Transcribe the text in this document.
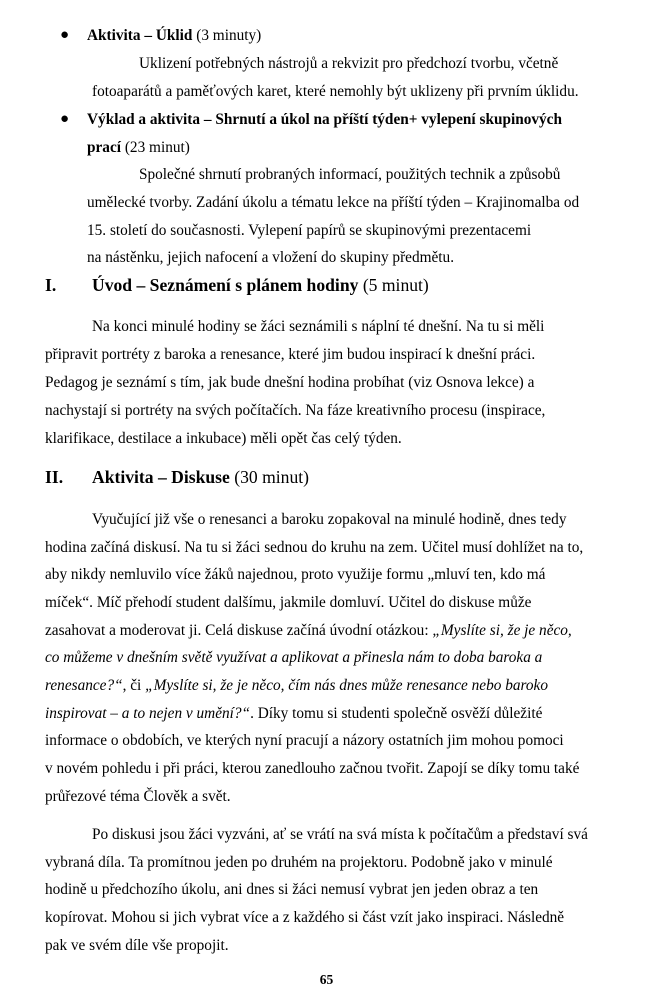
● Aktivita – Úklid (3 minuty)
Uklizení potřebných nástrojů a rekvizit pro předchozí tvorbu, včetně
fotoaparátů a paměťových karet, které nemohly být uklizeny při prvním úklidu.
● Výklad a aktivita – Shrnutí a úkol na příští týden+ vylepení skupinových
prací (23 minut)
Společné shrnutí probraných informací, použitých technik a způsobů
umělecké tvorby. Zadání úkolu a tématu lekce na příští týden – Krajinomalba od
15. století do současnosti. Vylepení papírů se skupinovými prezentacemi
na nástěnku, jejich nafocení a vložení do skupiny předmětu.
I. Úvod – Seznámení s plánem hodiny (5 minut)
Na konci minulé hodiny se žáci seznámili s náplní té dnešní. Na tu si měli
připravit portréty z baroka a renesance, které jim budou inspirací k dnešní práci.
Pedagog je seznámí s tím, jak bude dnešní hodina probíhat (viz Osnova lekce) a
nachystají si portréty na svých počítačích. Na fáze kreativního procesu (inspirace,
klarifikace, destilace a inkubace) měli opět čas celý týden.
II. Aktivita – Diskuse (30 minut)
Vyučující již vše o renesanci a baroku zopakoval na minulé hodině, dnes tedy
hodina začíná diskusí. Na tu si žáci sednou do kruhu na zem. Učitel musí dohlížet na to,
aby nikdy nemluvilo více žáků najednou, proto využije formu „mluví ten, kdo má
míček“. Míč přehodí student dalšímu, jakmile domluví. Učitel do diskuse může
zasahovat a moderovat ji. Celá diskuse začíná úvodní otázkou: „Myslíte si, že je něco,
co můžeme v dnešním světě využívat a aplikovat a přinesla nám to doba baroka a
renesance?“, či „Myslíte si, že je něco, čím nás dnes může renesance nebo baroko
inspirovat – a to nejen v umění?“. Díky tomu si studenti společně osvěží důležité
informace o obdobích, ve kterých nyní pracují a názory ostatních jim mohou pomoci
v novém pohledu i při práci, kterou zanedlouho začnou tvořit. Zapojí se díky tomu také
průřezové téma Člověk a svět.
Po diskusi jsou žáci vyzváni, ať se vrátí na svá místa k počítačům a představí svá
vybraná díla. Ta promítnou jeden po druhém na projektoru. Podobně jako v minulé
hodině u předchozího úkolu, ani dnes si žáci nemusí vybrat jen jeden obraz a ten
kopírovat. Mohou si jich vybrat více a z každého si část vzít jako inspiraci. Následně
pak ve svém díle vše propojit.
65
